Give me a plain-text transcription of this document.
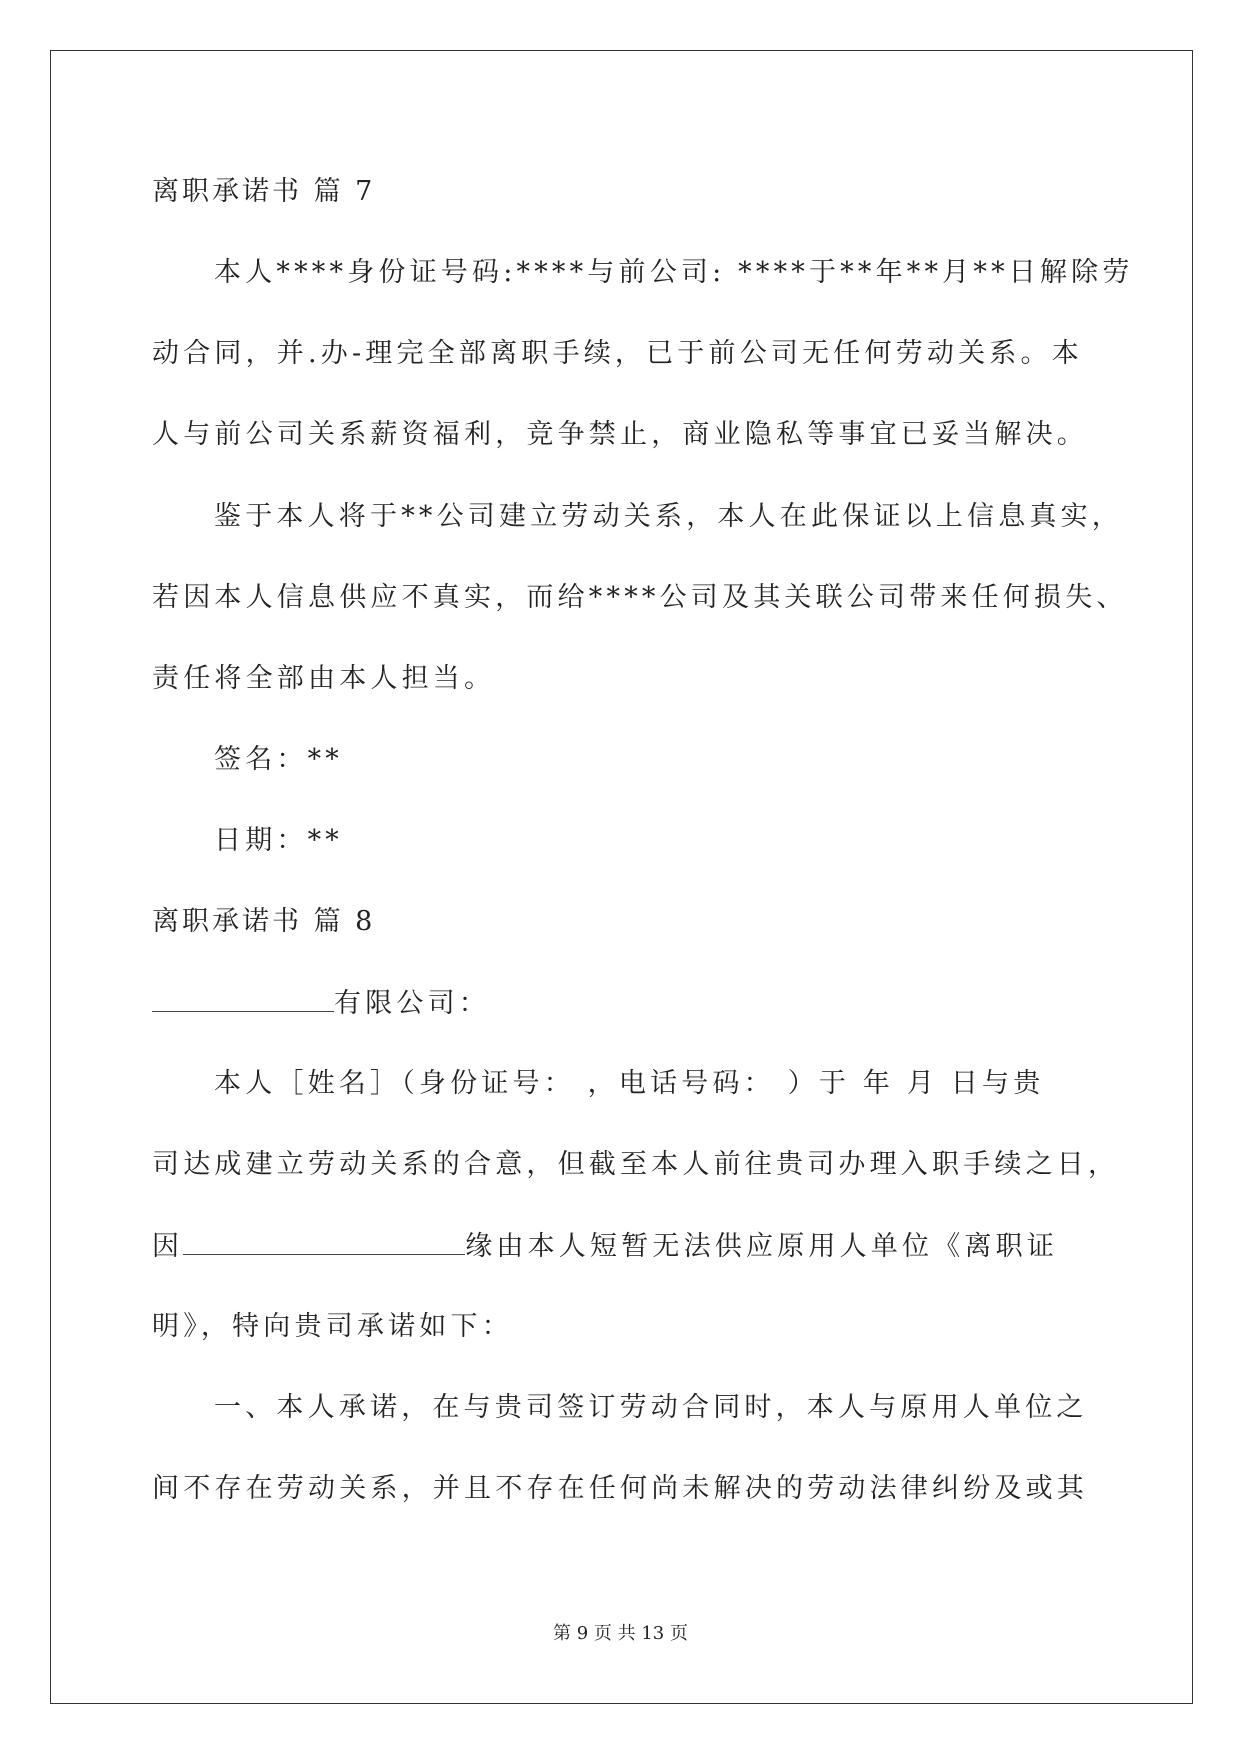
离职承诺书 篇 7
本人****身份证号码:****与前公司: ****于**年**月**日解除劳
动合同，并.办-理完全部离职手续，已于前公司无任何劳动关系。本
人与前公司关系薪资福利，竞争禁止，商业隐私等事宜已妥当解决。
鉴于本人将于**公司建立劳动关系，本人在此保证以上信息真实，
若因本人信息供应不真实，而给****公司及其关联公司带来任何损失、
责任将全部由本人担当。
签名：**
日期：**
离职承诺书 篇 8
有限公司：
本人［姓名］（身份证号： ，电话号码： ）于 年 月 日与贵
司达成建立劳动关系的合意，但截至本人前往贵司办理入职手续之日，
因	缘由本人短暂无法供应原用人单位《离职证
明》，特向贵司承诺如下：
一、本人承诺，在与贵司签订劳动合同时，本人与原用人单位之
间不存在劳动关系，并且不存在任何尚未解决的劳动法律纠纷及或其
第 9 页 共 13 页
